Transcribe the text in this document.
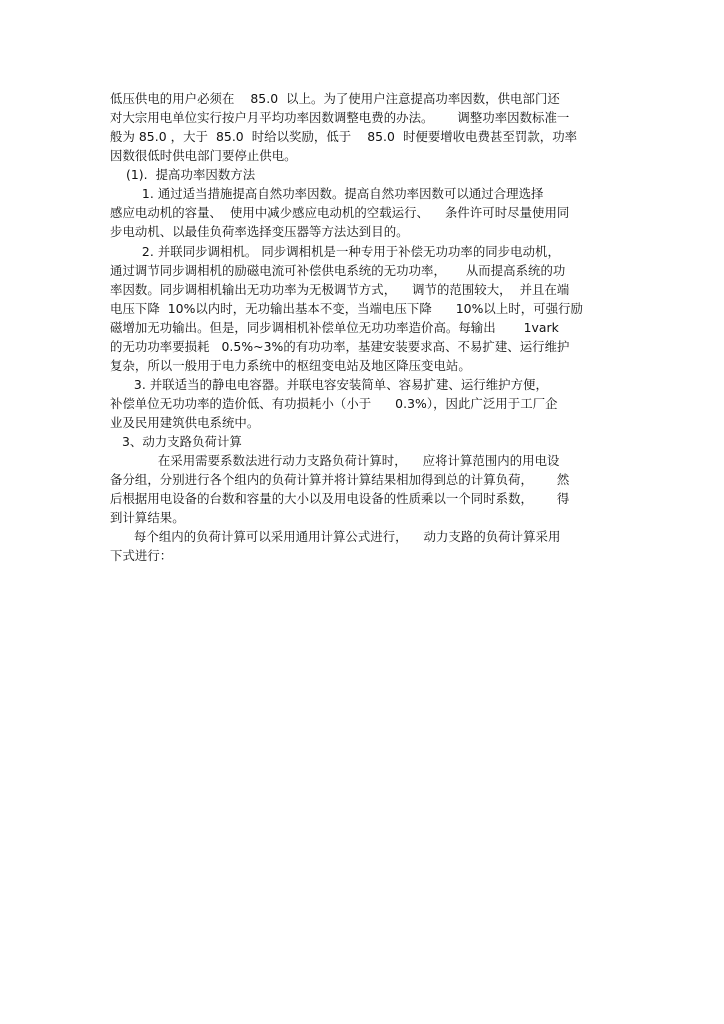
低压供电的用户必须在    85.0  以上。为了使用户注意提高功率因数，供电部门还
对大宗用电单位实行按户月平均功率因数调整电费的办法。      调整功率因数标准一
般为 85.0 ，大于  85.0  时给以奖励，低于    85.0  时便要增收电费甚至罚款，功率
因数很低时供电部门要停止供电。
(1).  提高功率因数方法
1. 通过适当措施提高自然功率因数。提高自然功率因数可以通过合理选择
感应电动机的容量、  使用中减少感应电动机的空载运行、    条件许可时尽量使用同
步电动机、以最佳负荷率选择变压器等方法达到目的。
2. 并联同步调相机。 同步调相机是一种专用于补偿无功功率的同步电动机，
通过调节同步调相机的励磁电流可补偿供电系统的无功功率，     从而提高系统的功
率因数。同步调相机输出无功功率为无极调节方式，    调节的范围较大，  并且在端
电压下降  10%以内时，无功输出基本不变，当端电压下降      10%以上时，可强行励
磁增加无功输出。但是，同步调相机补偿单位无功功率造价高。每输出       1vark
的无功功率要损耗   0.5%~3%的有功功率，基建安装要求高、不易扩建、运行维护
复杂，所以一般用于电力系统中的枢纽变电站及地区降压变电站。
3. 并联适当的静电电容器。并联电容安装简单、容易扩建、运行维护方便，
补偿单位无功功率的造价低、有功损耗小（小于      0.3%），因此广泛用于工厂企
业及民用建筑供电系统中。
3、动力支路负荷计算
在采用需要系数法进行动力支路负荷计算时，    应将计算范围内的用电设
备分组，分别进行各个组内的负荷计算并将计算结果相加得到总的计算负荷，      然
后根据用电设备的台数和容量的大小以及用电设备的性质乘以一个同时系数，      得
到计算结果。
每个组内的负荷计算可以采用通用计算公式进行，    动力支路的负荷计算采用
下式进行：
